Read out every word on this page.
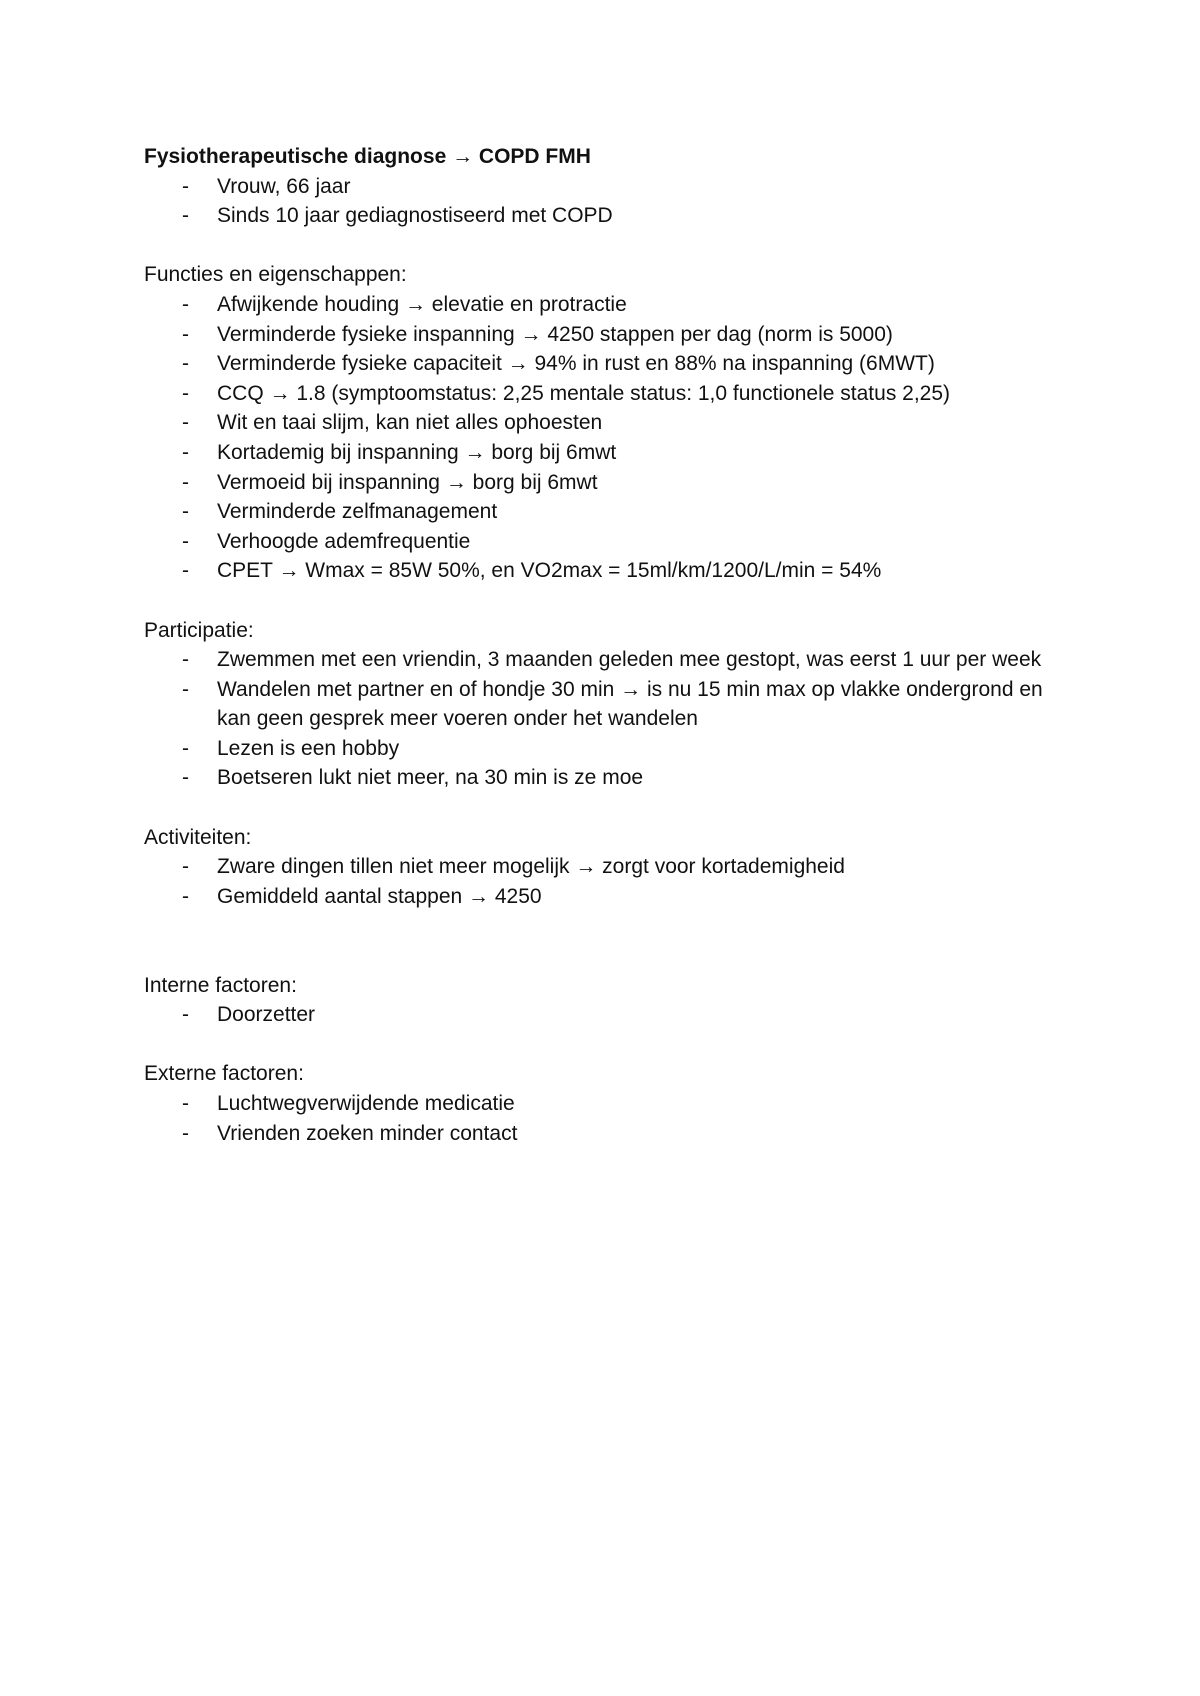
Fysiotherapeutische diagnose → COPD FMH

- Vrouw, 66 jaar
- Sinds 10 jaar gediagnostiseerd met COPD

Functies en eigenschappen:

- Afwijkende houding → elevatie en protractie
- Verminderde fysieke inspanning → 4250 stappen per dag (norm is 5000)
- Verminderde fysieke capaciteit → 94% in rust en 88% na inspanning (6MWT)
- CCQ → 1.8 (symptoomstatus: 2,25 mentale status: 1,0 functionele status 2,25)
- Wit en taai slijm, kan niet alles ophoesten
- Kortademig bij inspanning → borg bij 6mwt
- Vermoeid bij inspanning → borg bij 6mwt
- Verminderde zelfmanagement
- Verhoogde ademfrequentie
- CPET → Wmax = 85W 50%, en VO2max = 15ml/km/1200/L/min = 54%

Participatie:

- Zwemmen met een vriendin, 3 maanden geleden mee gestopt, was eerst 1 uur per week
- Wandelen met partner en of hondje 30 min → is nu 15 min max op vlakke ondergrond en kan geen gesprek meer voeren onder het wandelen
- Lezen is een hobby
- Boetseren lukt niet meer, na 30 min is ze moe

Activiteiten:

- Zware dingen tillen niet meer mogelijk → zorgt voor kortademigheid
- Gemiddeld aantal stappen → 4250

Interne factoren:

- Doorzetter

Externe factoren:

- Luchtwegverwijdende medicatie
- Vrienden zoeken minder contact
